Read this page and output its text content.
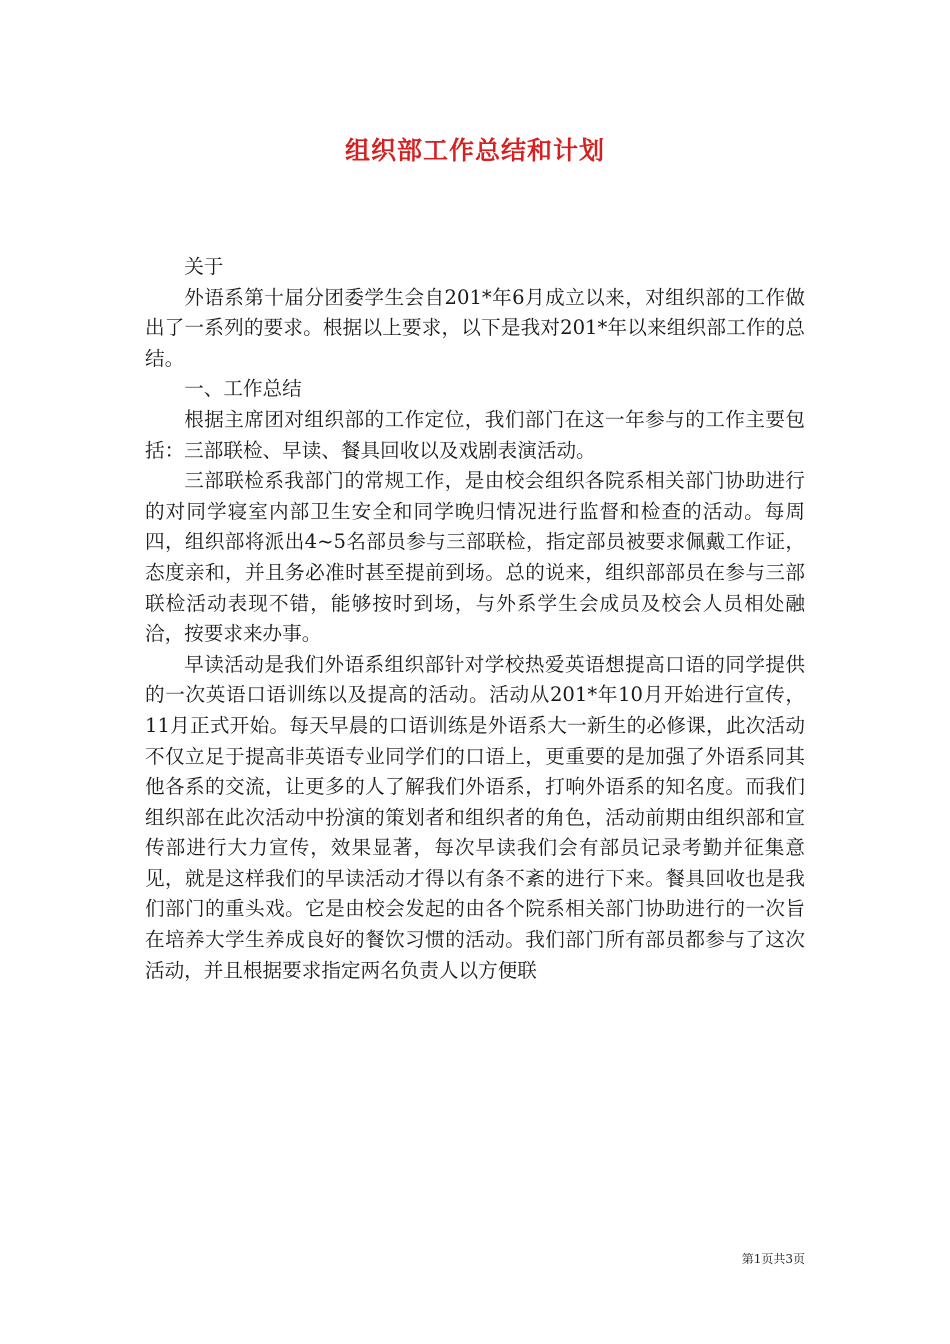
组织部工作总结和计划

关于

外语系第十届分团委学生会自201*年6月成立以来，对组织部的工作做出了一系列的要求。根据以上要求，以下是我对201*年以来组织部工作的总结。

一、工作总结

根据主席团对组织部的工作定位，我们部门在这一年参与的工作主要包括：三部联检、早读、餐具回收以及戏剧表演活动。

三部联检系我部门的常规工作，是由校会组织各院系相关部门协助进行的对同学寝室内部卫生安全和同学晚归情况进行监督和检查的活动。每周四，组织部将派出4~5名部员参与三部联检，指定部员被要求佩戴工作证，态度亲和，并且务必准时甚至提前到场。总的说来，组织部部员在参与三部联检活动表现不错，能够按时到场，与外系学生会成员及校会人员相处融洽，按要求来办事。

早读活动是我们外语系组织部针对学校热爱英语想提高口语的同学提供的一次英语口语训练以及提高的活动。活动从201*年10月开始进行宣传，11月正式开始。每天早晨的口语训练是外语系大一新生的必修课，此次活动不仅立足于提高非英语专业同学们的口语上，更重要的是加强了外语系同其他各系的交流，让更多的人了解我们外语系，打响外语系的知名度。而我们组织部在此次活动中扮演的策划者和组织者的角色，活动前期由组织部和宣传部进行大力宣传，效果显著，每次早读我们会有部员记录考勤并征集意见，就是这样我们的早读活动才得以有条不紊的进行下来。餐具回收也是我们部门的重头戏。它是由校会发起的由各个院系相关部门协助进行的一次旨在培养大学生养成良好的餐饮习惯的活动。我们部门所有部员都参与了这次活动，并且根据要求指定两名负责人以方便联

第1页共3页
